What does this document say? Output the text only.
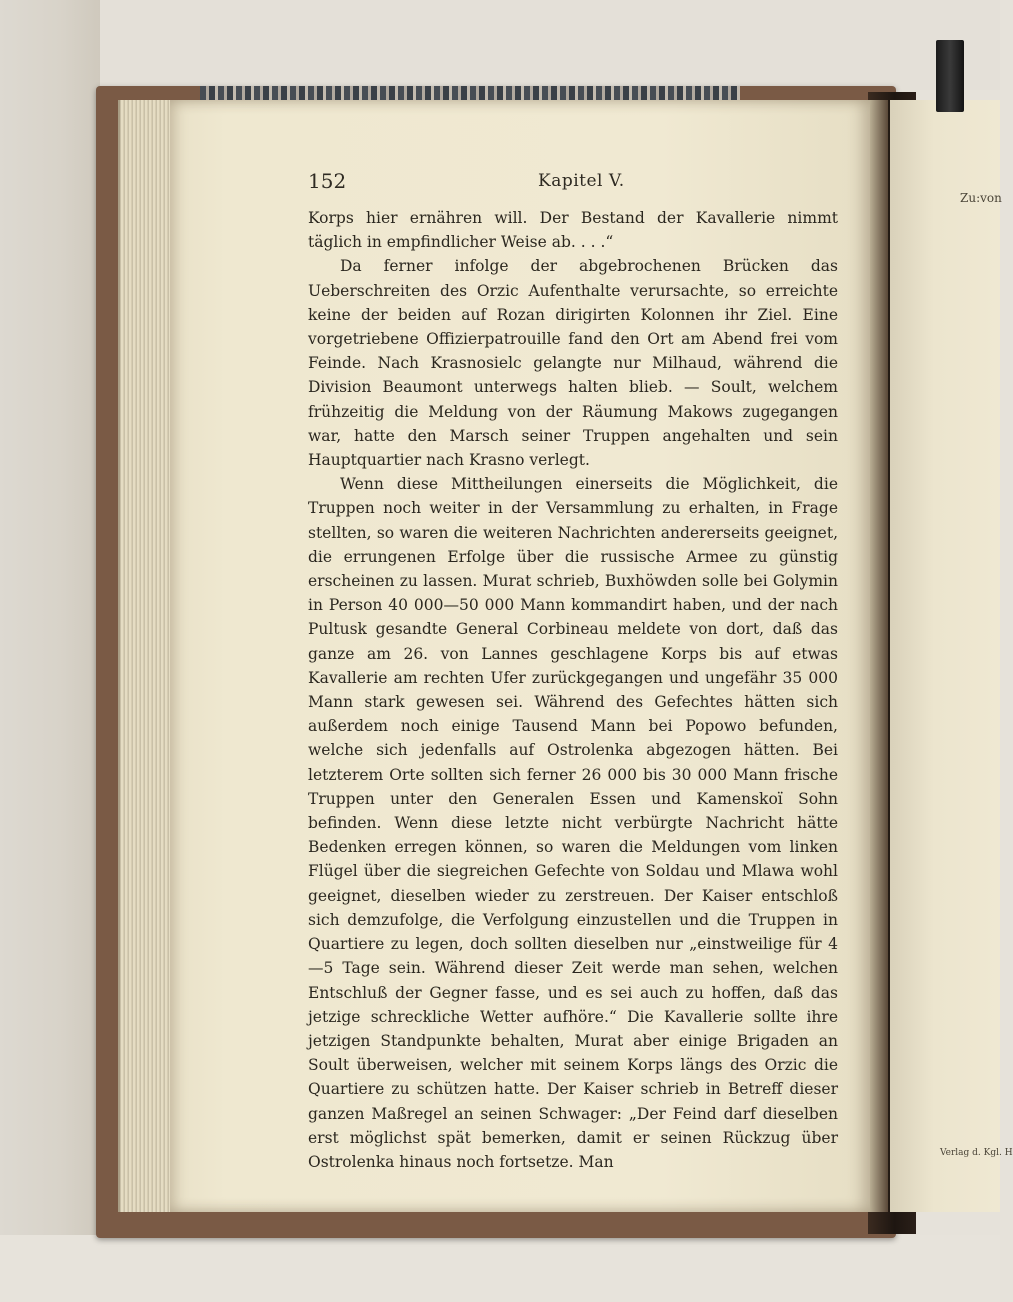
Zu:von
Verlag d. Kgl. H
152	Kapitel V.

Korps hier ernähren will. Der Bestand der Kavallerie nimmt täglich in empfindlicher Weise ab. . . .“

Da ferner infolge der abgebrochenen Brücken das Ueberschreiten des Orzic Aufenthalte verursachte, so erreichte keine der beiden auf Rozan dirigirten Kolonnen ihr Ziel. Eine vorgetriebene Offizierpatrouille fand den Ort am Abend frei vom Feinde. Nach Krasnosielc gelangte nur Milhaud, während die Division Beaumont unterwegs halten blieb. — Soult, welchem frühzeitig die Meldung von der Räumung Makows zugegangen war, hatte den Marsch seiner Truppen angehalten und sein Hauptquartier nach Krasno verlegt.

Wenn diese Mittheilungen einerseits die Möglichkeit, die Truppen noch weiter in der Versammlung zu erhalten, in Frage stellten, so waren die weiteren Nachrichten andererseits geeignet, die errungenen Erfolge über die russische Armee zu günstig erscheinen zu lassen. Murat schrieb, Buxhöwden solle bei Golymin in Person 40 000—50 000 Mann kommandirt haben, und der nach Pultusk gesandte General Corbineau meldete von dort, daß das ganze am 26. von Lannes geschlagene Korps bis auf etwas Kavallerie am rechten Ufer zurückgegangen und ungefähr 35 000 Mann stark gewesen sei. Während des Gefechtes hätten sich außerdem noch einige Tausend Mann bei Popowo befunden, welche sich jedenfalls auf Ostrolenka abgezogen hätten. Bei letzterem Orte sollten sich ferner 26 000 bis 30 000 Mann frische Truppen unter den Generalen Essen und Kamenskoï Sohn befinden. Wenn diese letzte nicht verbürgte Nachricht hätte Bedenken erregen können, so waren die Meldungen vom linken Flügel über die siegreichen Gefechte von Soldau und Mlawa wohl geeignet, dieselben wieder zu zerstreuen. Der Kaiser entschloß sich demzufolge, die Verfolgung einzustellen und die Truppen in Quartiere zu legen, doch sollten dieselben nur „einstweilige für 4—5 Tage sein. Während dieser Zeit werde man sehen, welchen Entschluß der Gegner fasse, und es sei auch zu hoffen, daß das jetzige schreckliche Wetter aufhöre.“ Die Kavallerie sollte ihre jetzigen Standpunkte behalten, Murat aber einige Brigaden an Soult überweisen, welcher mit seinem Korps längs des Orzic die Quartiere zu schützen hatte. Der Kaiser schrieb in Betreff dieser ganzen Maßregel an seinen Schwager: „Der Feind darf dieselben erst möglichst spät bemerken, damit er seinen Rückzug über Ostrolenka hinaus noch fortsetze. Man
